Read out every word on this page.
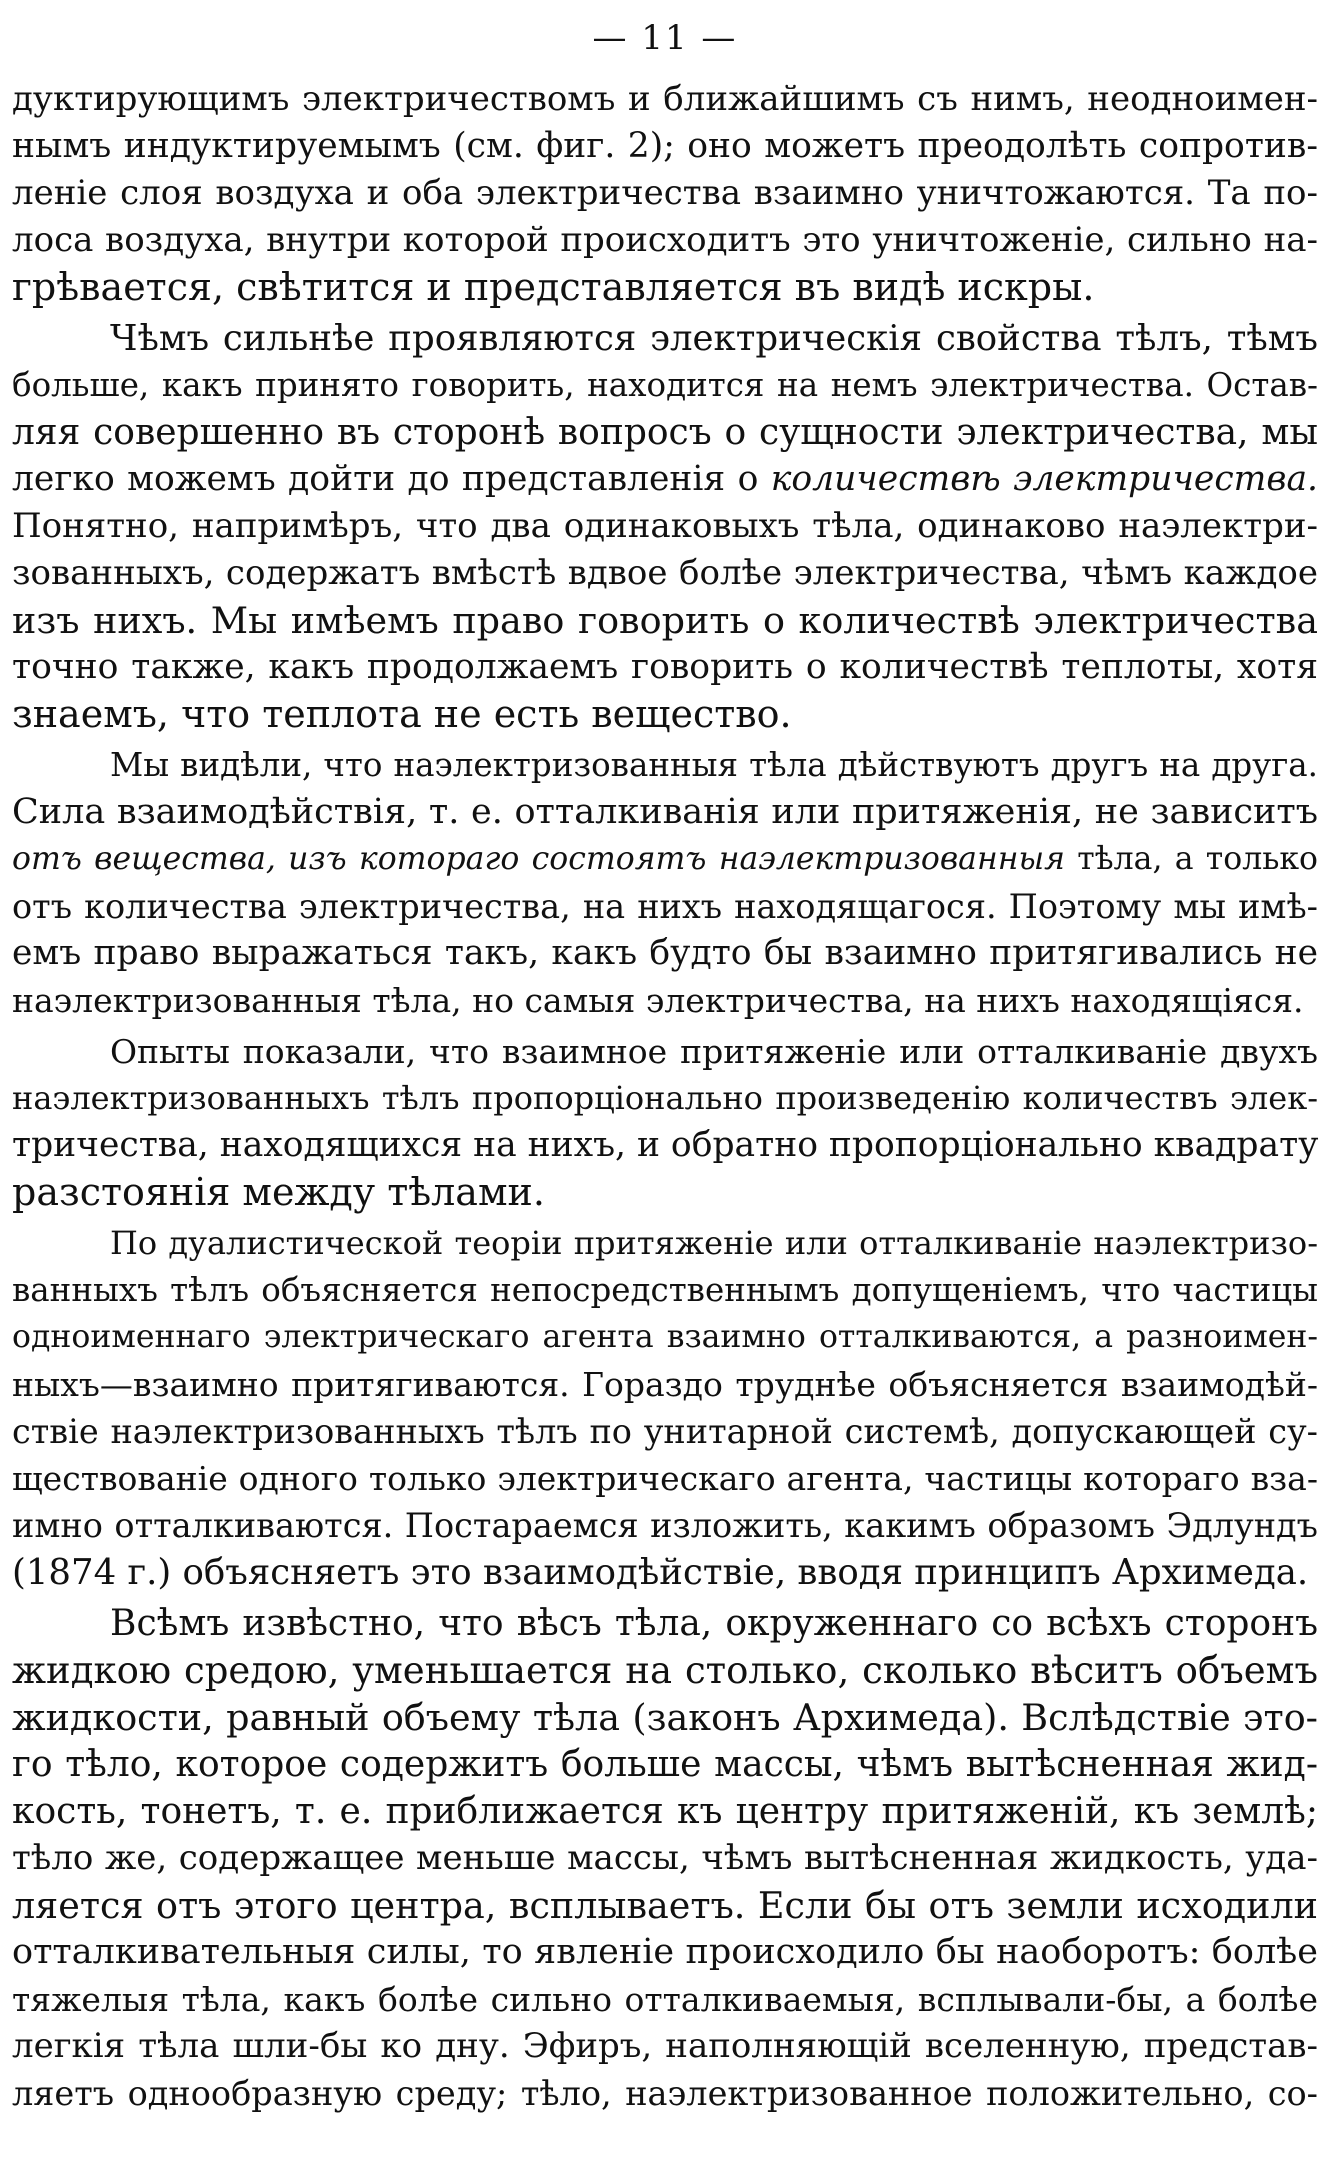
— 11 —

дуктирующимъ электричествомъ и ближайшимъ съ нимъ, неодноимен-

нымъ индуктируемымъ (см. фиг. 2); оно можетъ преодолѣть сопротив-

леніе слоя воздуха и оба электричества взаимно уничтожаются. Та по-

лоса воздуха, внутри которой происходитъ это уничтоженіе, сильно на-

грѣвается, свѣтится и представляется въ видѣ искры.

Чѣмъ сильнѣе проявляются электрическія свойства тѣлъ, тѣмъ

больше, какъ принято говорить, находится на немъ электричества. Остав-

ляя совершенно въ сторонѣ вопросъ о сущности электричества, мы

легко можемъ дойти до представленія о количествѣ электричества.

Понятно, напримѣръ, что два одинаковыхъ тѣла, одинаково наэлектри-

зованныхъ, содержатъ вмѣстѣ вдвое болѣе электричества, чѣмъ каждое

изъ нихъ. Мы имѣемъ право говорить о количествѣ электричества

точно также, какъ продолжаемъ говорить о количествѣ теплоты, хотя

знаемъ, что теплота не есть вещество.

Мы видѣли, что наэлектризованныя тѣла дѣйствуютъ другъ на друга.

Сила взаимодѣйствія, т. е. отталкиванія или притяженія, не зависитъ

отъ вещества, изъ котораго состоятъ наэлектризованныя тѣла, а только

отъ количества электричества, на нихъ находящагося. Поэтому мы имѣ-

емъ право выражаться такъ, какъ будто бы взаимно притягивались не

наэлектризованныя тѣла, но самыя электричества, на нихъ находящіяся.

Опыты показали, что взаимное притяженіе или отталкиваніе двухъ

наэлектризованныхъ тѣлъ пропорціонально произведенію количествъ элек-

тричества, находящихся на нихъ, и обратно пропорціонально квадрату

разстоянія между тѣлами.

По дуалистической теоріи притяженіе или отталкиваніе наэлектризо-

ванныхъ тѣлъ объясняется непосредственнымъ допущеніемъ, что частицы

одноименнаго электрическаго агента взаимно отталкиваются, а разноимен-

ныхъ—взаимно притягиваются. Гораздо труднѣе объясняется взаимодѣй-

ствіе наэлектризованныхъ тѣлъ по унитарной системѣ, допускающей су-

ществованіе одного только электрическаго агента, частицы котораго вза-

имно отталкиваются. Постараемся изложить, какимъ образомъ Эдлундъ

(1874 г.) объясняетъ это взаимодѣйствіе, вводя принципъ Архимеда.

Всѣмъ извѣстно, что вѣсъ тѣла, окруженнаго со всѣхъ сторонъ

жидкою средою, уменьшается на столько, сколько вѣситъ объемъ

жидкости, равный объему тѣла (законъ Архимеда). Вслѣдствіе это-

го тѣло, которое содержитъ больше массы, чѣмъ вытѣсненная жид-

кость, тонетъ, т. е. приближается къ центру притяженій, къ землѣ;

тѣло же, содержащее меньше массы, чѣмъ вытѣсненная жидкость, уда-

ляется отъ этого центра, всплываетъ. Если бы отъ земли исходили

отталкивательныя силы, то явленіе происходило бы наоборотъ: болѣе

тяжелыя тѣла, какъ болѣе сильно отталкиваемыя, всплывали-бы, а болѣе

легкія тѣла шли-бы ко дну. Эфиръ, наполняющій вселенную, представ-

ляетъ однообразную среду; тѣло, наэлектризованное положительно, со-
